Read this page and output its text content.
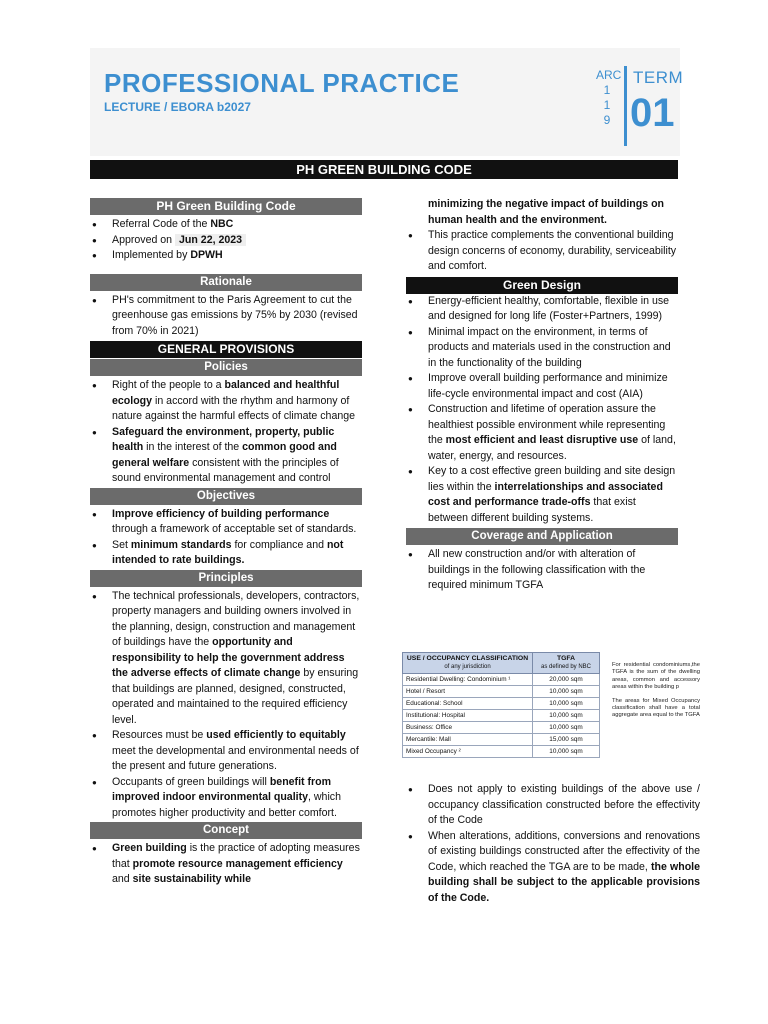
PROFESSIONAL PRACTICE
LECTURE / EBORA b2027
ARC
1
1
9
TERM
01
PH GREEN BUILDING CODE
PH Green Building Code
● Referral Code of the NBC
● Approved on Jun 22, 2023
● Implemented by DPWH
Rationale
● PH's commitment to the Paris Agreement to cut the greenhouse gas emissions by 75% by 2030 (revised from 70% in 2021)
GENERAL PROVISIONS
Policies
● Right of the people to a balanced and healthful ecology in accord with the rhythm and harmony of nature against the harmful effects of climate change
● Safeguard the environment, property, public health in the interest of the common good and general welfare consistent with the principles of sound environmental management and control
Objectives
● Improve efficiency of building performance through a framework of acceptable set of standards.
● Set minimum standards for compliance and not intended to rate buildings.
Principles
● The technical professionals, developers, contractors, property managers and building owners involved in the planning, design, construction and management of buildings have the opportunity and responsibility to help the government address the adverse effects of climate change by ensuring that buildings are planned, designed, constructed, operated and maintained to the required efficiency level.
● Resources must be used efficiently to equitably meet the developmental and environmental needs of the present and future generations.
● Occupants of green buildings will benefit from improved indoor environmental quality, which promotes higher productivity and better comfort.
Concept
● Green building is the practice of adopting measures that promote resource management efficiency and site sustainability while
minimizing the negative impact of buildings on human health and the environment.
● This practice complements the conventional building design concerns of economy, durability, serviceability and comfort.
Green Design
● Energy-efficient healthy, comfortable, flexible in use and designed for long life (Foster+Partners, 1999)
● Minimal impact on the environment, in terms of products and materials used in the construction and in the functionality of the building
● Improve overall building performance and minimize life-cycle environmental impact and cost (AIA)
● Construction and lifetime of operation assure the healthiest possible environment while representing the most efficient and least disruptive use of land, water, energy, and resources.
● Key to a cost effective green building and site design lies within the interrelationships and associated cost and performance trade-offs that exist between different building systems.
Coverage and Application
● All new construction and/or with alteration of buildings in the following classification with the required minimum TGFA
USE / OCCUPANCY CLASSIFICATION
of any jurisdiction	TGFA
as defined by NBC

Residential Dwelling: Condominium ¹	20,000 sqm
Hotel / Resort	10,000 sqm
Educational: School	10,000 sqm
Institutional: Hospital	10,000 sqm
Business: Office	10,000 sqm
Mercantile: Mall	15,000 sqm
Mixed Occupancy ²	10,000 sqm

For residential condominiums,the TGFA is the sum of the dwelling areas, common and accessory areas within the building p

The areas for Mixed Occupancy classification shall have a total aggregate area equal to the TGFA

● Does not apply to existing buildings of the above use / occupancy classification constructed before the effectivity of the Code
● When alterations, additions, conversions and renovations of existing buildings constructed after the effectivity of the Code, which reached the TGA are to be made, the whole building shall be subject to the applicable provisions of the Code.
